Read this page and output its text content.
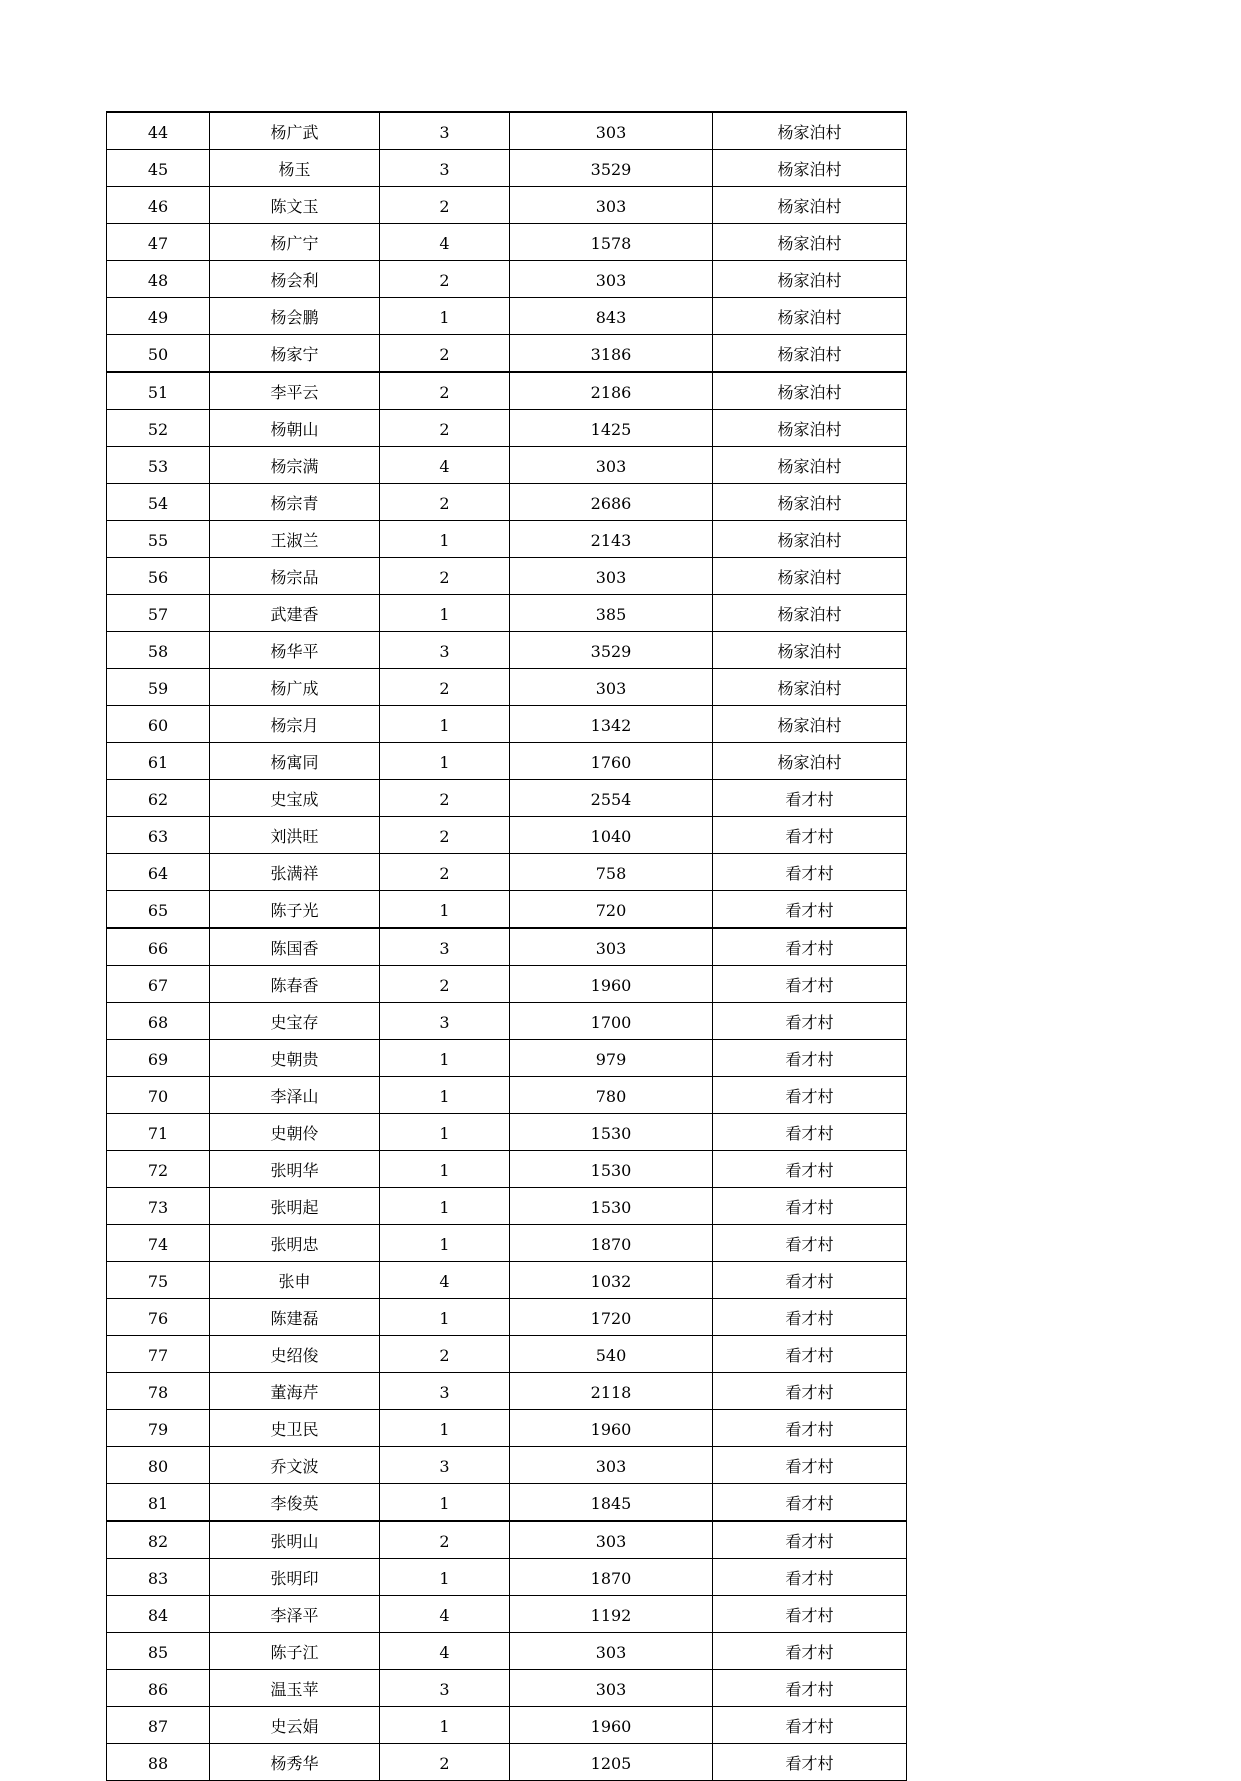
44	杨广武	3	303	杨家泊村
45	杨玉	3	3529	杨家泊村
46	陈文玉	2	303	杨家泊村
47	杨广宁	4	1578	杨家泊村
48	杨会利	2	303	杨家泊村
49	杨会鹏	1	843	杨家泊村
50	杨家宁	2	3186	杨家泊村
51	李平云	2	2186	杨家泊村
52	杨朝山	2	1425	杨家泊村
53	杨宗满	4	303	杨家泊村
54	杨宗青	2	2686	杨家泊村
55	王淑兰	1	2143	杨家泊村
56	杨宗品	2	303	杨家泊村
57	武建香	1	385	杨家泊村
58	杨华平	3	3529	杨家泊村
59	杨广成	2	303	杨家泊村
60	杨宗月	1	1342	杨家泊村
61	杨寓同	1	1760	杨家泊村
62	史宝成	2	2554	看才村
63	刘洪旺	2	1040	看才村
64	张满祥	2	758	看才村
65	陈子光	1	720	看才村
66	陈国香	3	303	看才村
67	陈春香	2	1960	看才村
68	史宝存	3	1700	看才村
69	史朝贵	1	979	看才村
70	李泽山	1	780	看才村
71	史朝伶	1	1530	看才村
72	张明华	1	1530	看才村
73	张明起	1	1530	看才村
74	张明忠	1	1870	看才村
75	张申	4	1032	看才村
76	陈建磊	1	1720	看才村
77	史绍俊	2	540	看才村
78	董海芹	3	2118	看才村
79	史卫民	1	1960	看才村
80	乔文波	3	303	看才村
81	李俊英	1	1845	看才村
82	张明山	2	303	看才村
83	张明印	1	1870	看才村
84	李泽平	4	1192	看才村
85	陈子江	4	303	看才村
86	温玉苹	3	303	看才村
87	史云娟	1	1960	看才村
88	杨秀华	2	1205	看才村
